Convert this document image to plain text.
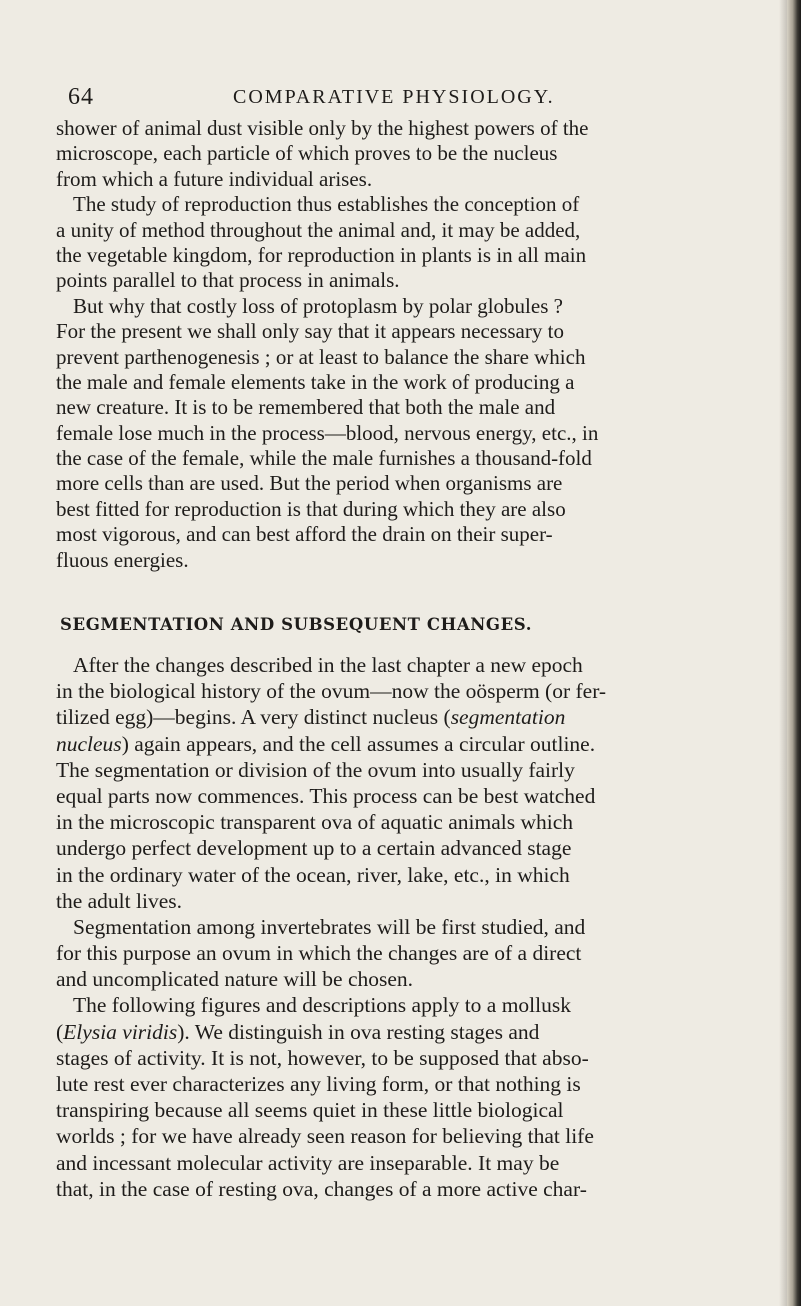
64	COMPARATIVE PHYSIOLOGY.
shower of animal dust visible only by the highest powers of the
microscope, each particle of which proves to be the nucleus
from which a future individual arises.
The study of reproduction thus establishes the conception of
a unity of method throughout the animal and, it may be added,
the vegetable kingdom, for reproduction in plants is in all main
points parallel to that process in animals.
But why that costly loss of protoplasm by polar globules ?
For the present we shall only say that it appears necessary to
prevent parthenogenesis ; or at least to balance the share which
the male and female elements take in the work of producing a
new creature. It is to be remembered that both the male and
female lose much in the process—blood, nervous energy, etc., in
the case of the female, while the male furnishes a thousand-fold
more cells than are used. But the period when organisms are
best fitted for reproduction is that during which they are also
most vigorous, and can best afford the drain on their super-
fluous energies.
SEGMENTATION AND SUBSEQUENT CHANGES.
After the changes described in the last chapter a new epoch
in the biological history of the ovum—now the oösperm (or fer-
tilized egg)—begins. A very distinct nucleus (segmentation
nucleus) again appears, and the cell assumes a circular outline.
The segmentation or division of the ovum into usually fairly
equal parts now commences. This process can be best watched
in the microscopic transparent ova of aquatic animals which
undergo perfect development up to a certain advanced stage
in the ordinary water of the ocean, river, lake, etc., in which
the adult lives.
Segmentation among invertebrates will be first studied, and
for this purpose an ovum in which the changes are of a direct
and uncomplicated nature will be chosen.
The following figures and descriptions apply to a mollusk
(Elysia viridis). We distinguish in ova resting stages and
stages of activity. It is not, however, to be supposed that abso-
lute rest ever characterizes any living form, or that nothing is
transpiring because all seems quiet in these little biological
worlds ; for we have already seen reason for believing that life
and incessant molecular activity are inseparable. It may be
that, in the case of resting ova, changes of a more active char-
